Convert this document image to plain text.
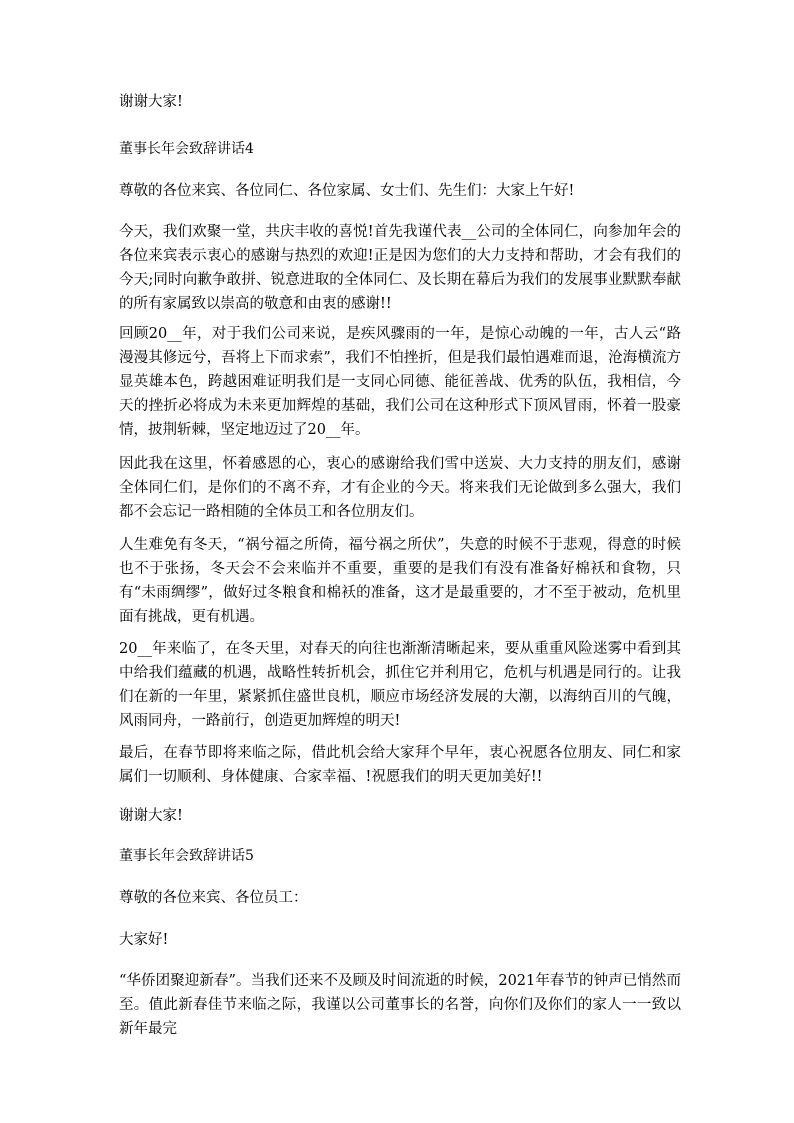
谢谢大家!

董事长年会致辞讲话4

尊敬的各位来宾、各位同仁、各位家属、女士们、先生们：大家上午好!

今天，我们欢聚一堂，共庆丰收的喜悦!首先我谨代表__公司的全体同仁，向参加年会的各位来宾表示衷心的感谢与热烈的欢迎!正是因为您们的大力支持和帮助，才会有我们的今天;同时向歉争敢拼、锐意进取的全体同仁、及长期在幕后为我们的发展事业默默奉献的所有家属致以崇高的敬意和由衷的感谢!!

回顾20__年，对于我们公司来说，是疾风骤雨的一年，是惊心动魄的一年，古人云“路漫漫其修远兮，吾将上下而求索”，我们不怕挫折，但是我们最怕遇难而退，沧海横流方显英雄本色，跨越困难证明我们是一支同心同德、能征善战、优秀的队伍，我相信，今天的挫折必将成为未来更加辉煌的基础，我们公司在这种形式下顶风冒雨，怀着一股豪情，披荆斩棘，坚定地迈过了20__年。

因此我在这里，怀着感恩的心，衷心的感谢给我们雪中送炭、大力支持的朋友们，感谢全体同仁们，是你们的不离不弃，才有企业的今天。将来我们无论做到多么强大，我们都不会忘记一路相随的全体员工和各位朋友们。

人生难免有冬天，“祸兮福之所倚，福兮祸之所伏”，失意的时候不于悲观，得意的时候也不于张扬，冬天会不会来临并不重要，重要的是我们有没有准备好棉袄和食物，只有“未雨绸缪”，做好过冬粮食和棉袄的准备，这才是最重要的，才不至于被动，危机里面有挑战，更有机遇。

20__年来临了，在冬天里，对春天的向往也渐渐清晰起来，要从重重风险迷雾中看到其中给我们蕴藏的机遇，战略性转折机会，抓住它并利用它，危机与机遇是同行的。让我们在新的一年里，紧紧抓住盛世良机，顺应市场经济发展的大潮，以海纳百川的气魄，风雨同舟，一路前行，创造更加辉煌的明天!

最后，在春节即将来临之际，借此机会给大家拜个早年，衷心祝愿各位朋友、同仁和家属们一切顺利、身体健康、合家幸福、!祝愿我们的明天更加美好!!

谢谢大家!

董事长年会致辞讲话5

尊敬的各位来宾、各位员工：

大家好!

“华侨团聚迎新春”。当我们还来不及顾及时间流逝的时候，2021年春节的钟声已悄然而至。值此新春佳节来临之际，我谨以公司董事长的名誉，向你们及你们的家人一一致以新年最完
